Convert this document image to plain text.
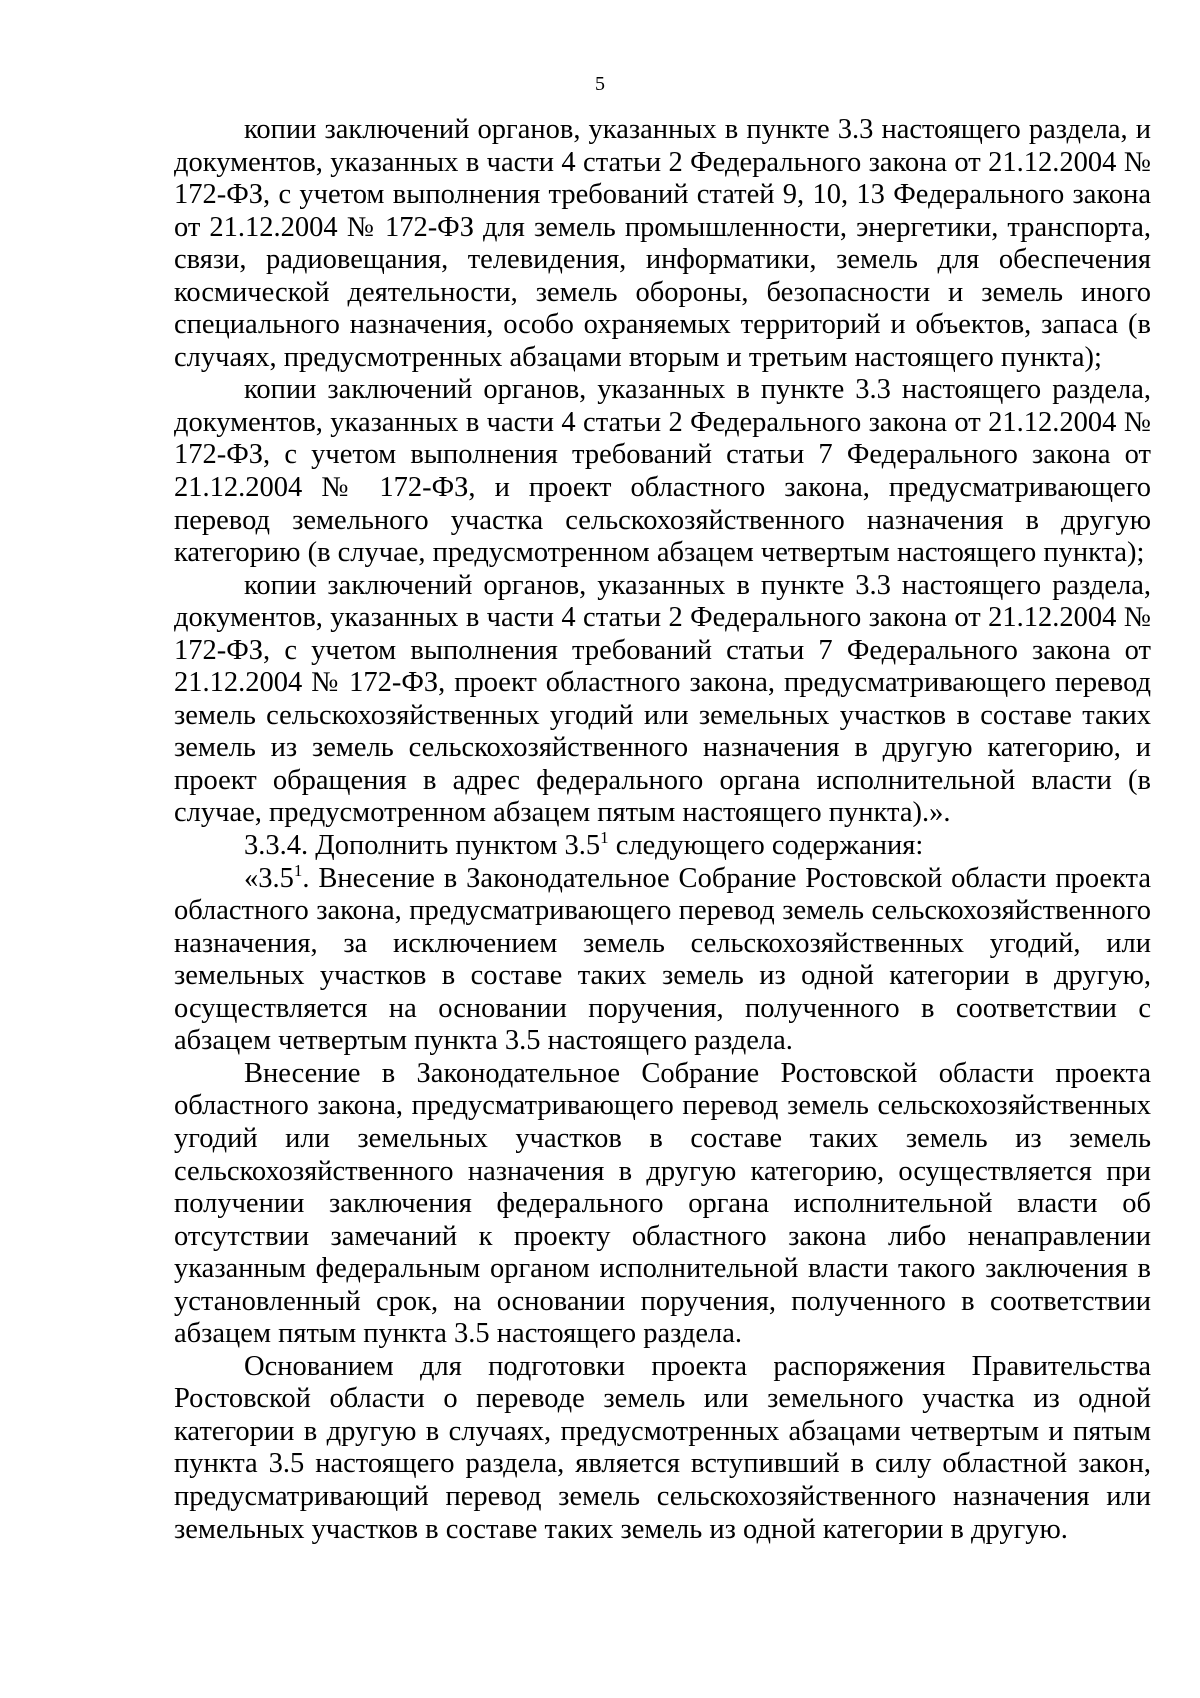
5

копии заключений органов, указанных в пункте 3.3 настоящего раздела, и документов, указанных в части 4 статьи 2 Федерального закона от 21.12.2004 № 172-ФЗ, с учетом выполнения требований статей 9, 10, 13 Федерального закона от 21.12.2004 № 172-ФЗ для земель промышленности, энергетики, транспорта, связи, радиовещания, телевидения, информатики, земель для обеспечения космической деятельности, земель обороны, безопасности и земель иного специального назначения, особо охраняемых территорий и объектов, запаса (в случаях, предусмотренных абзацами вторым и третьим настоящего пункта);

копии заключений органов, указанных в пункте 3.3 настоящего раздела, документов, указанных в части 4 статьи 2 Федерального закона от 21.12.2004 № 172-ФЗ, с учетом выполнения требований статьи 7 Федерального закона от 21.12.2004 № 172-ФЗ, и проект областного закона, предусматривающего перевод земельного участка сельскохозяйственного назначения в другую категорию (в случае, предусмотренном абзацем четвертым настоящего пункта);

копии заключений органов, указанных в пункте 3.3 настоящего раздела, документов, указанных в части 4 статьи 2 Федерального закона от 21.12.2004 № 172-ФЗ, с учетом выполнения требований статьи 7 Федерального закона от 21.12.2004 № 172-ФЗ, проект областного закона, предусматривающего перевод земель сельскохозяйственных угодий или земельных участков в составе таких земель из земель сельскохозяйственного назначения в другую категорию, и проект обращения в адрес федерального органа исполнительной власти (в случае, предусмотренном абзацем пятым настоящего пункта).».

3.3.4. Дополнить пунктом $3.5^1$ следующего содержания:

«$3.5^1$. Внесение в Законодательное Собрание Ростовской области проекта областного закона, предусматривающего перевод земель сельскохозяйственного назначения, за исключением земель сельскохозяйственных угодий, или земельных участков в составе таких земель из одной категории в другую, осуществляется на основании поручения, полученного в соответствии с абзацем четвертым пункта 3.5 настоящего раздела.

Внесение в Законодательное Собрание Ростовской области проекта областного закона, предусматривающего перевод земель сельскохозяйственных угодий или земельных участков в составе таких земель из земель сельскохозяйственного назначения в другую категорию, осуществляется при получении заключения федерального органа исполнительной власти об отсутствии замечаний к проекту областного закона либо ненаправлении указанным федеральным органом исполнительной власти такого заключения в установленный срок, на основании поручения, полученного в соответствии абзацем пятым пункта 3.5 настоящего раздела.

Основанием для подготовки проекта распоряжения Правительства Ростовской области о переводе земель или земельного участка из одной категории в другую в случаях, предусмотренных абзацами четвертым и пятым пункта 3.5 настоящего раздела, является вступивший в силу областной закон, предусматривающий перевод земель сельскохозяйственного назначения или земельных участков в составе таких земель из одной категории в другую.
